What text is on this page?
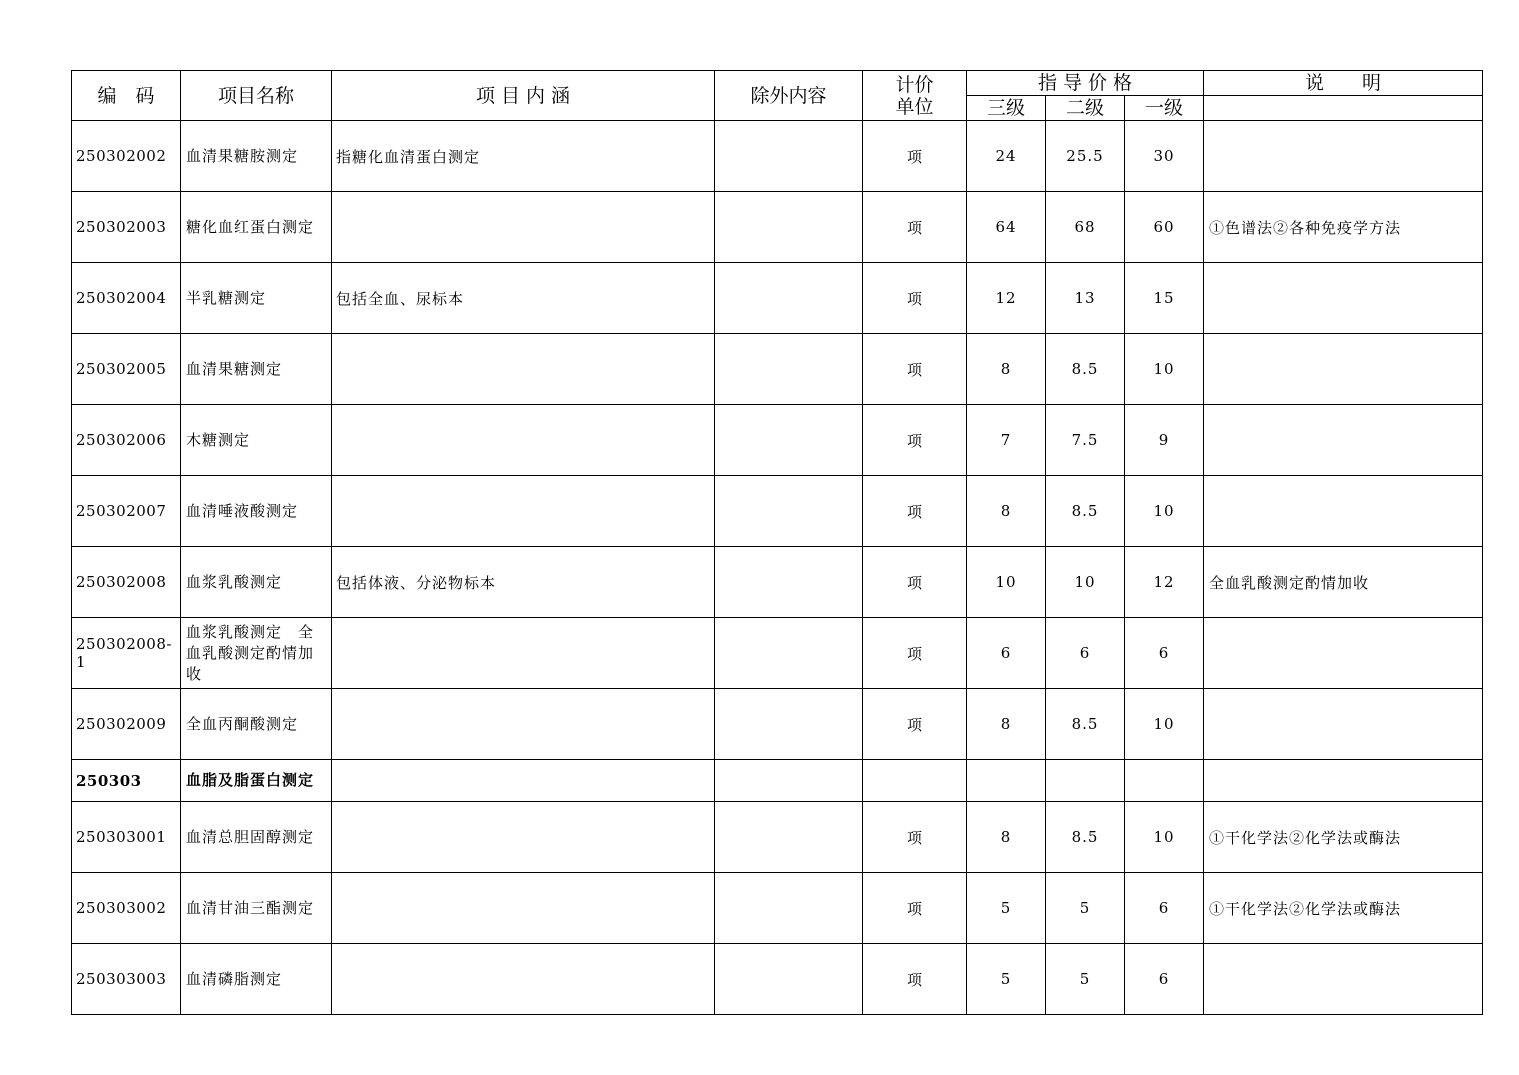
编　码	项目名称	项 目 内 涵	除外内容	计价
单位	指 导 价 格			说　　明
					三级	二级	一级	
250302002	血清果糖胺测定	指糖化血清蛋白测定		项	24	25.5	30	
250302003	糖化血红蛋白测定			项	64	68	60	①色谱法②各种免疫学方法
250302004	半乳糖测定	包括全血、尿标本		项	12	13	15	
250302005	血清果糖测定			项	8	8.5	10	
250302006	木糖测定			项	7	7.5	9	
250302007	血清唾液酸测定			项	8	8.5	10	
250302008	血浆乳酸测定	包括体液、分泌物标本		项	10	10	12	全血乳酸测定酌情加收
250302008-1	血浆乳酸测定　全血乳酸测定酌情加收			项	6	6	6	
250302009	全血丙酮酸测定			项	8	8.5	10	
250303	血脂及脂蛋白测定							
250303001	血清总胆固醇测定			项	8	8.5	10	①干化学法②化学法或酶法
250303002	血清甘油三酯测定			项	5	5	6	①干化学法②化学法或酶法
250303003	血清磷脂测定			项	5	5	6	
